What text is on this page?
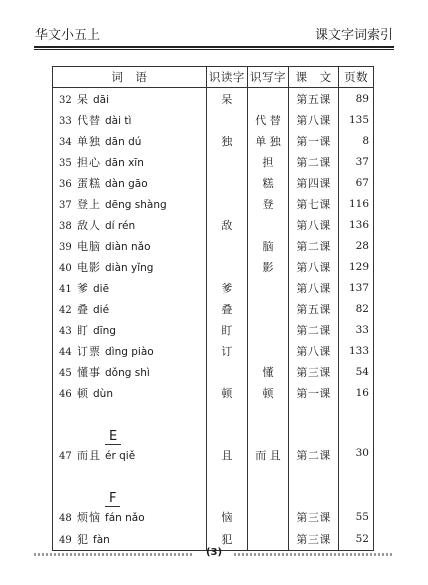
华文小五上	课文字词索引
词　语	识读字	识写字	课　文	页数
32 呆 dāi	呆		第五课	89
33 代替 dài tì		代 替	第八课	135
34 单独 dān dú	独	单 独	第一课	8
35 担心 dān xīn		担	第二课	37
36 蛋糕 dàn gāo		糕	第四课	67
37 登上 dēng shàng		登	第七课	116
38 敌人 dí rén	敌		第八课	136
39 电脑 diàn nǎo		脑	第二课	28
40 电影 diàn yǐng		影	第八课	129
41 爹 diē	爹		第八课	137
42 叠 dié	叠		第五课	82
43 盯 dīng	盯		第二课	33
44 订票 dìng piào	订		第八课	133
45 懂事 dǒng shì		懂	第三课	54
46 顿 dùn	顿	顿	第一课	16
E				
47 而且 ér qiě	且	而 且	第二课	30
F				
48 烦恼 fán nǎo	恼		第三课	55
49 犯 fàn	犯		第三课	52
(3)
